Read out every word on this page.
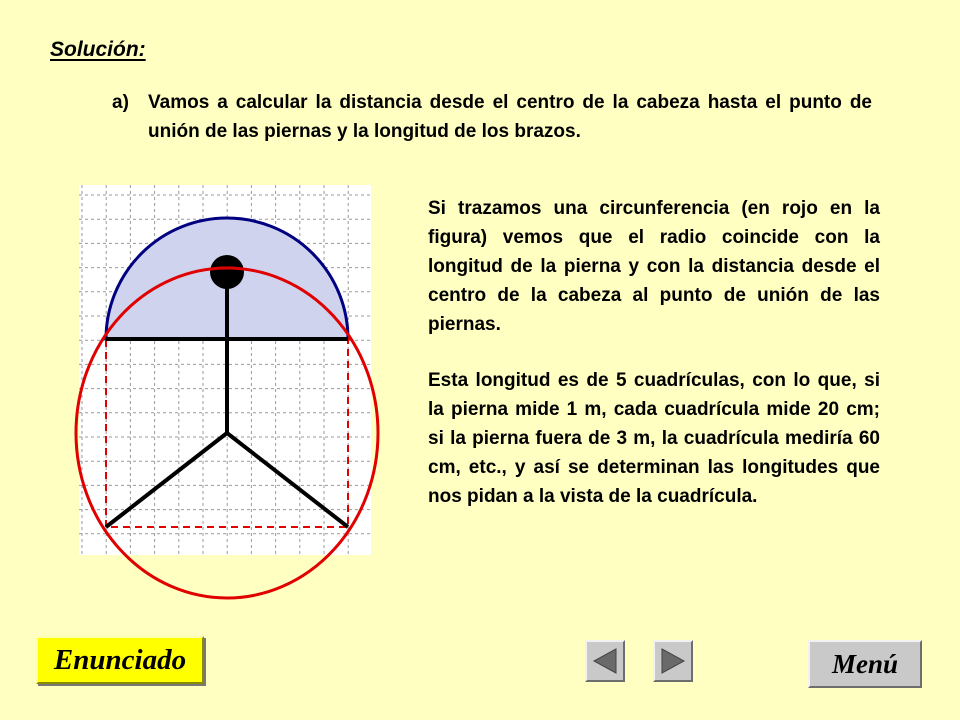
Solución:
a) Vamos a calcular la distancia desde el centro de la cabeza hasta el punto de unión de las piernas y la longitud de los brazos.

Si trazamos una circunferencia (en rojo en la figura) vemos que el radio coincide con la longitud de la pierna y con la distancia desde el centro de la cabeza al punto de unión de las piernas.

Esta longitud es de 5 cuadrículas, con lo que, si la pierna mide 1 m, cada cuadrícula mide 20 cm; si la pierna fuera de 3 m, la cuadrícula mediría 60 cm, etc., y así se determinan las longitudes que nos pidan a la vista de la cuadrícula.

Enunciado	Menú
